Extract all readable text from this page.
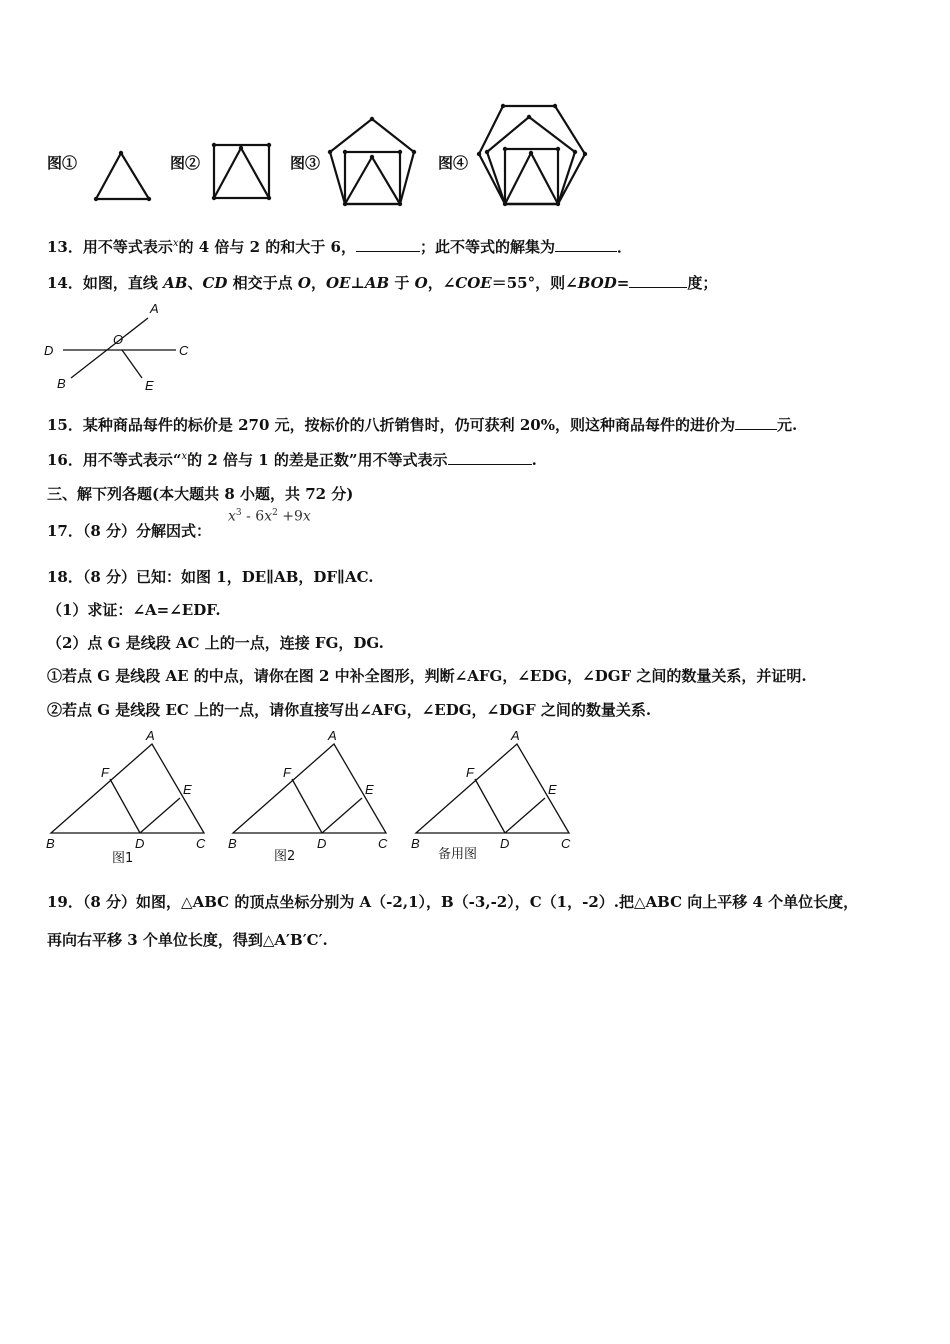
图①	图②	图③	图④
13．用不等式表示$^x$的 4 倍与 2 的和大于 6，	；此不等式的解集为	．
14．如图，直线 AB、CD 相交于点 O，OE⊥AB 于 O，∠COE＝55°，则∠BOD=	度；
A
O
D	C
B	E
15．某种商品每件的标价是 270 元，按标价的八折销售时，仍可获利 20%，则这种商品每件的进价为	元.
16．用不等式表示“$^x$的 2 倍与 1 的差是正数”用不等式表示	.
三、解下列各题(本大题共 8 小题，共 72 分)
17．（8 分）分解因式：
$x^3 - 6x^2 +9x$
18．（8 分）已知：如图 1，DE∥AB，DF∥AC.
（1）求证：∠A=∠EDF.
（2）点 G 是线段 AC 上的一点，连接 FG，DG.
①若点 G 是线段 AE 的中点，请你在图 2 中补全图形，判断∠AFG，∠EDG，∠DGF 之间的数量关系，并证明.
②若点 G 是线段 EC 上的一点，请你直接写出∠AFG，∠EDG，∠DGF 之间的数量关系.
A
F
E
B	D	C
图1
A
F
E
B	D	C
图2
A
F
E
B	D	C
备用图
19．（8 分）如图，△ABC 的顶点坐标分别为 A（-2,1），B（-3,-2），C（1，-2）.把△ABC 向上平移 4 个单位长度，
再向右平移 3 个单位长度，得到△A′B′C′.
